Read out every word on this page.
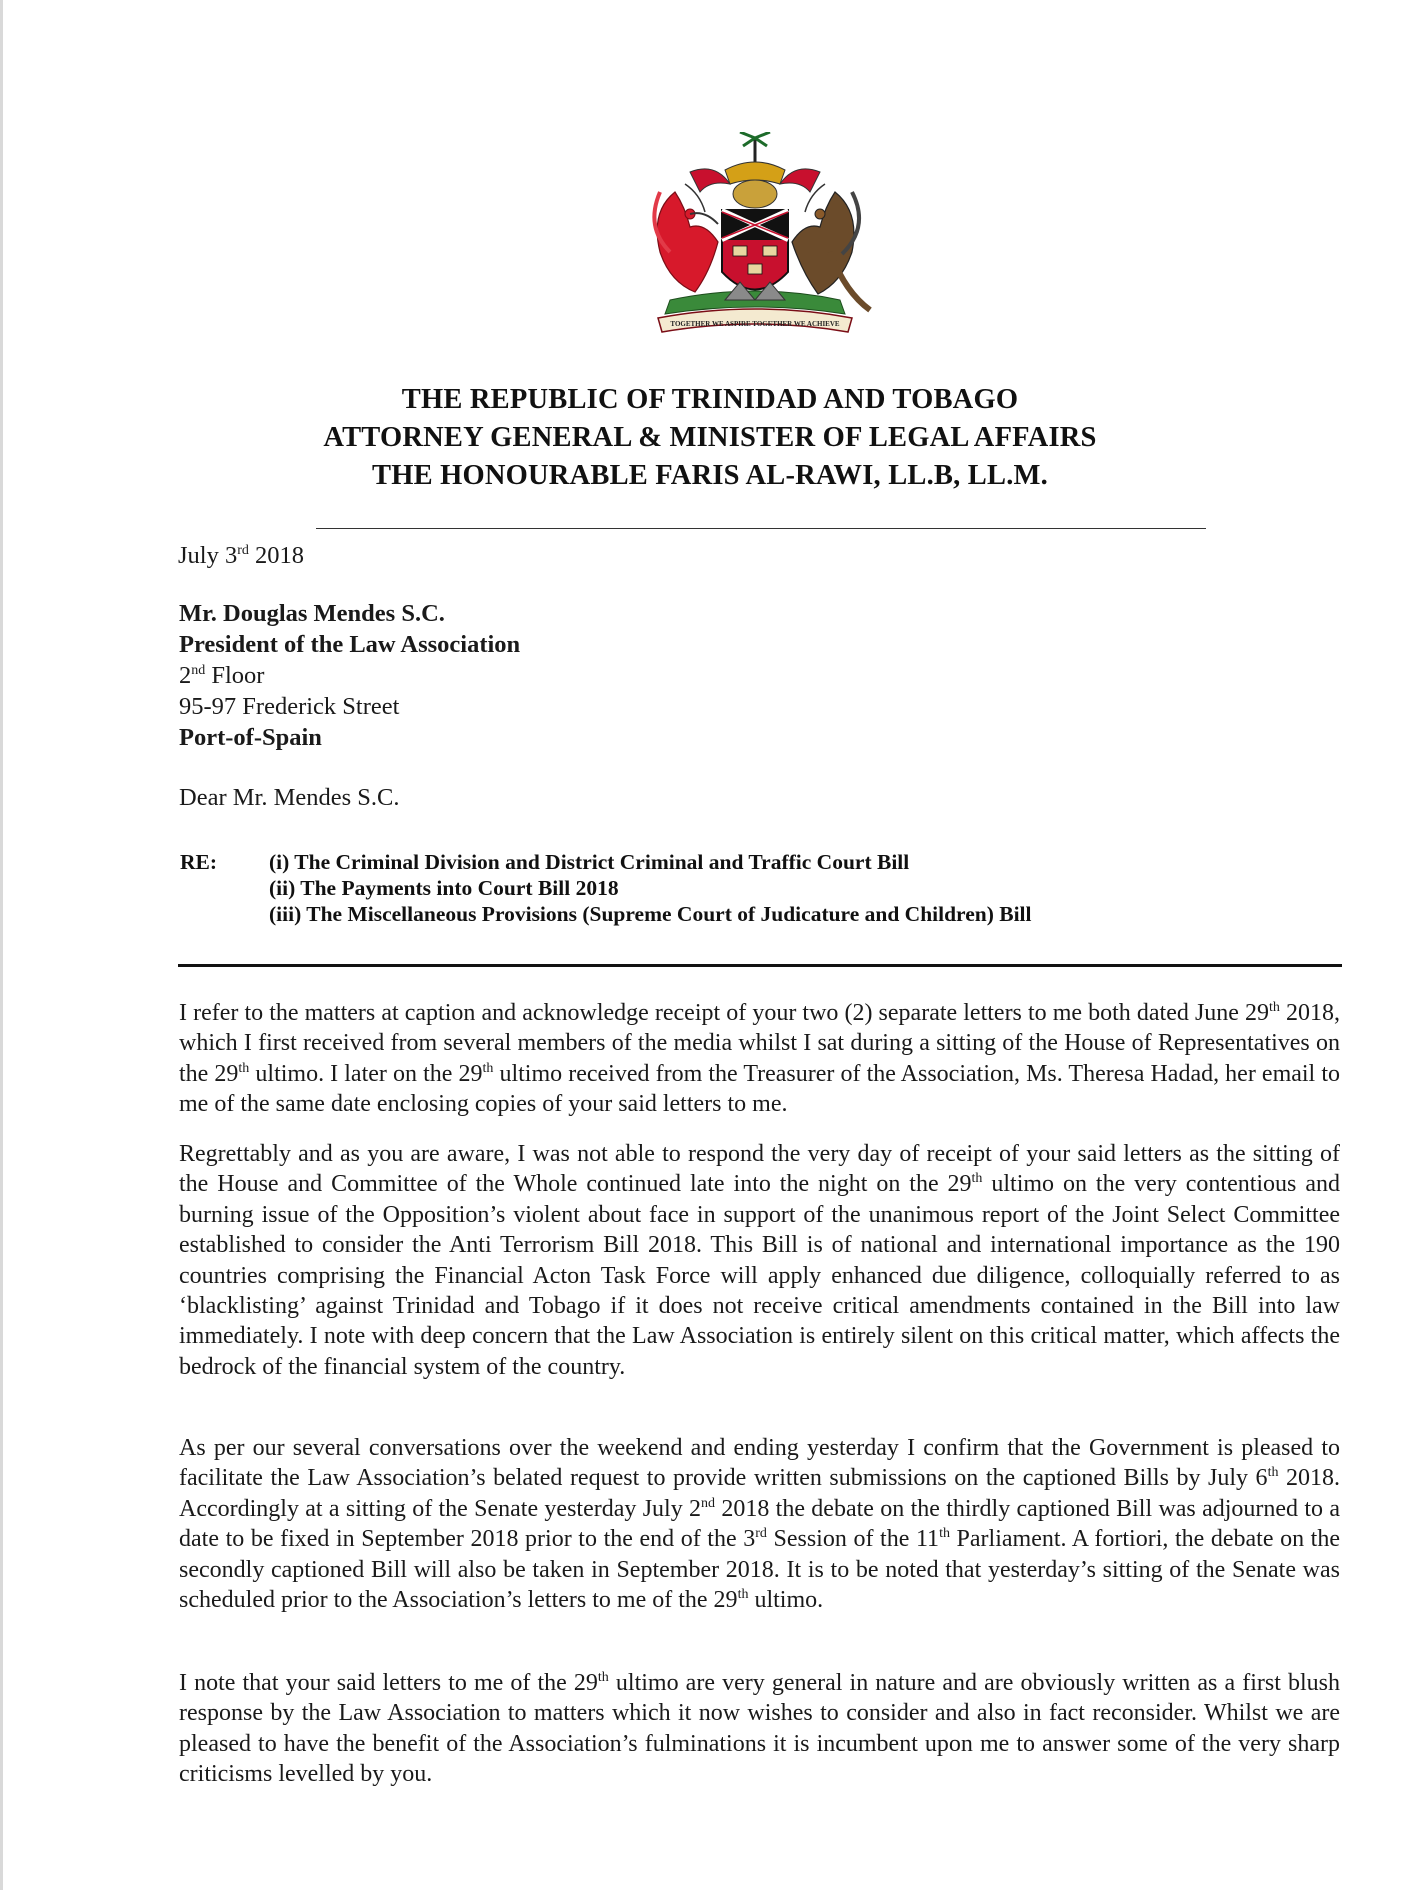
TOGETHER WE ASPIRE TOGETHER WE ACHIEVE
THE REPUBLIC OF TRINIDAD AND TOBAGO
ATTORNEY GENERAL & MINISTER OF LEGAL AFFAIRS
THE HONOURABLE FARIS AL-RAWI, LL.B, LL.M.
July 3rd 2018
Mr. Douglas Mendes S.C.
President of the Law Association
2nd Floor
95-97 Frederick Street
Port-of-Spain
Dear Mr. Mendes S.C.
RE: (i) The Criminal Division and District Criminal and Traffic Court Bill
(ii) The Payments into Court Bill 2018
(iii) The Miscellaneous Provisions (Supreme Court of Judicature and Children) Bill
I refer to the matters at caption and acknowledge receipt of your two (2) separate letters to me both dated June 29th 2018, which I first received from several members of the media whilst I sat during a sitting of the House of Representatives on the 29th ultimo. I later on the 29th ultimo received from the Treasurer of the Association, Ms. Theresa Hadad, her email to me of the same date enclosing copies of your said letters to me.
Regrettably and as you are aware, I was not able to respond the very day of receipt of your said letters as the sitting of the House and Committee of the Whole continued late into the night on the 29th ultimo on the very contentious and burning issue of the Opposition’s violent about face in support of the unanimous report of the Joint Select Committee established to consider the Anti Terrorism Bill 2018. This Bill is of national and international importance as the 190 countries comprising the Financial Acton Task Force will apply enhanced due diligence, colloquially referred to as ‘blacklisting’ against Trinidad and Tobago if it does not receive critical amendments contained in the Bill into law immediately. I note with deep concern that the Law Association is entirely silent on this critical matter, which affects the bedrock of the financial system of the country.
As per our several conversations over the weekend and ending yesterday I confirm that the Government is pleased to facilitate the Law Association’s belated request to provide written submissions on the captioned Bills by July 6th 2018. Accordingly at a sitting of the Senate yesterday July 2nd 2018 the debate on the thirdly captioned Bill was adjourned to a date to be fixed in September 2018 prior to the end of the 3rd Session of the 11th Parliament. A fortiori, the debate on the secondly captioned Bill will also be taken in September 2018. It is to be noted that yesterday’s sitting of the Senate was scheduled prior to the Association’s letters to me of the 29th ultimo.
I note that your said letters to me of the 29th ultimo are very general in nature and are obviously written as a first blush response by the Law Association to matters which it now wishes to consider and also in fact reconsider. Whilst we are pleased to have the benefit of the Association’s fulminations it is incumbent upon me to answer some of the very sharp criticisms levelled by you.
